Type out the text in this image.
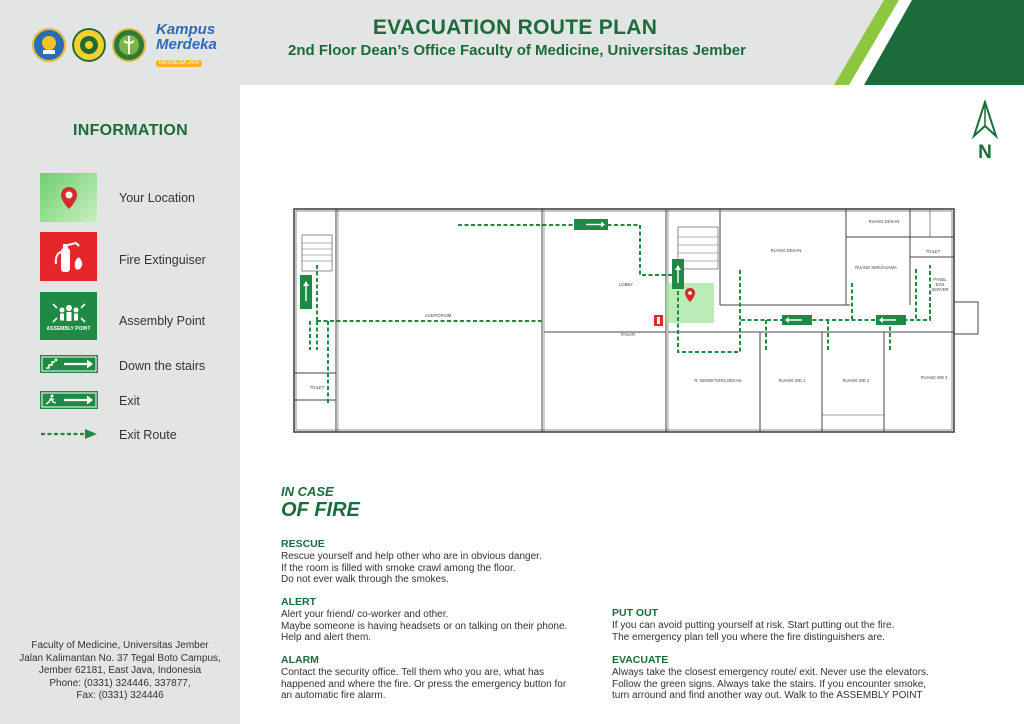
Kampus
Merdeka
INDONESIA JAYA
EVACUATION ROUTE PLAN
2nd Floor Dean’s Office Faculty of Medicine, Universitas Jember
INFORMATION
Your Location
Fire Extinguiser
ASSEMBLY POINT
Assembly Point
Down the stairs
Exit
Exit Route
Faculty of Medicine, Universitas Jember
Jalan Kalimantan No. 37 Tegal Boto Campus,
Jember 62181, East Java, Indonesia
Phone: (0331) 324446, 337877,
Fax: (0331) 324446
N
AUDITORIUM
LOBBY
PAGAR
TOILET
RUANG DEKAN
RUANG DEKAN
RUANG KERJASAMA
TOILET
PANEL
DAN
SERVER
R. SEKRETARIS DEKAN	RUANG WD 1	RUANG WD 2
RUANG WD 3
IN CASE
OF FIRE
RESCUE

Rescue yourself and help other who are in obvious danger.

If the room is filled with smoke crawl among the floor.

Do not ever walk through the smokes.

ALERT

Alert your friend/ co-worker and other.

Maybe someone is having headsets or on talking on their phone.

Help and alert them.

ALARM

Contact the security office. Tell them who you are, what has

happened and where the fire. Or press the emergency button for

an automatic fire alarm.

PUT OUT

If you can avoid putting yourself at risk. Start putting out the fire.

The emergency plan tell you where the fire distinguishers are.

EVACUATE

Always take the closest emergency route/ exit. Never use the elevators.

Follow the green signs. Always take the stairs. If you encounter smoke,

turn arround and find another way out. Walk to the ASSEMBLY POINT
